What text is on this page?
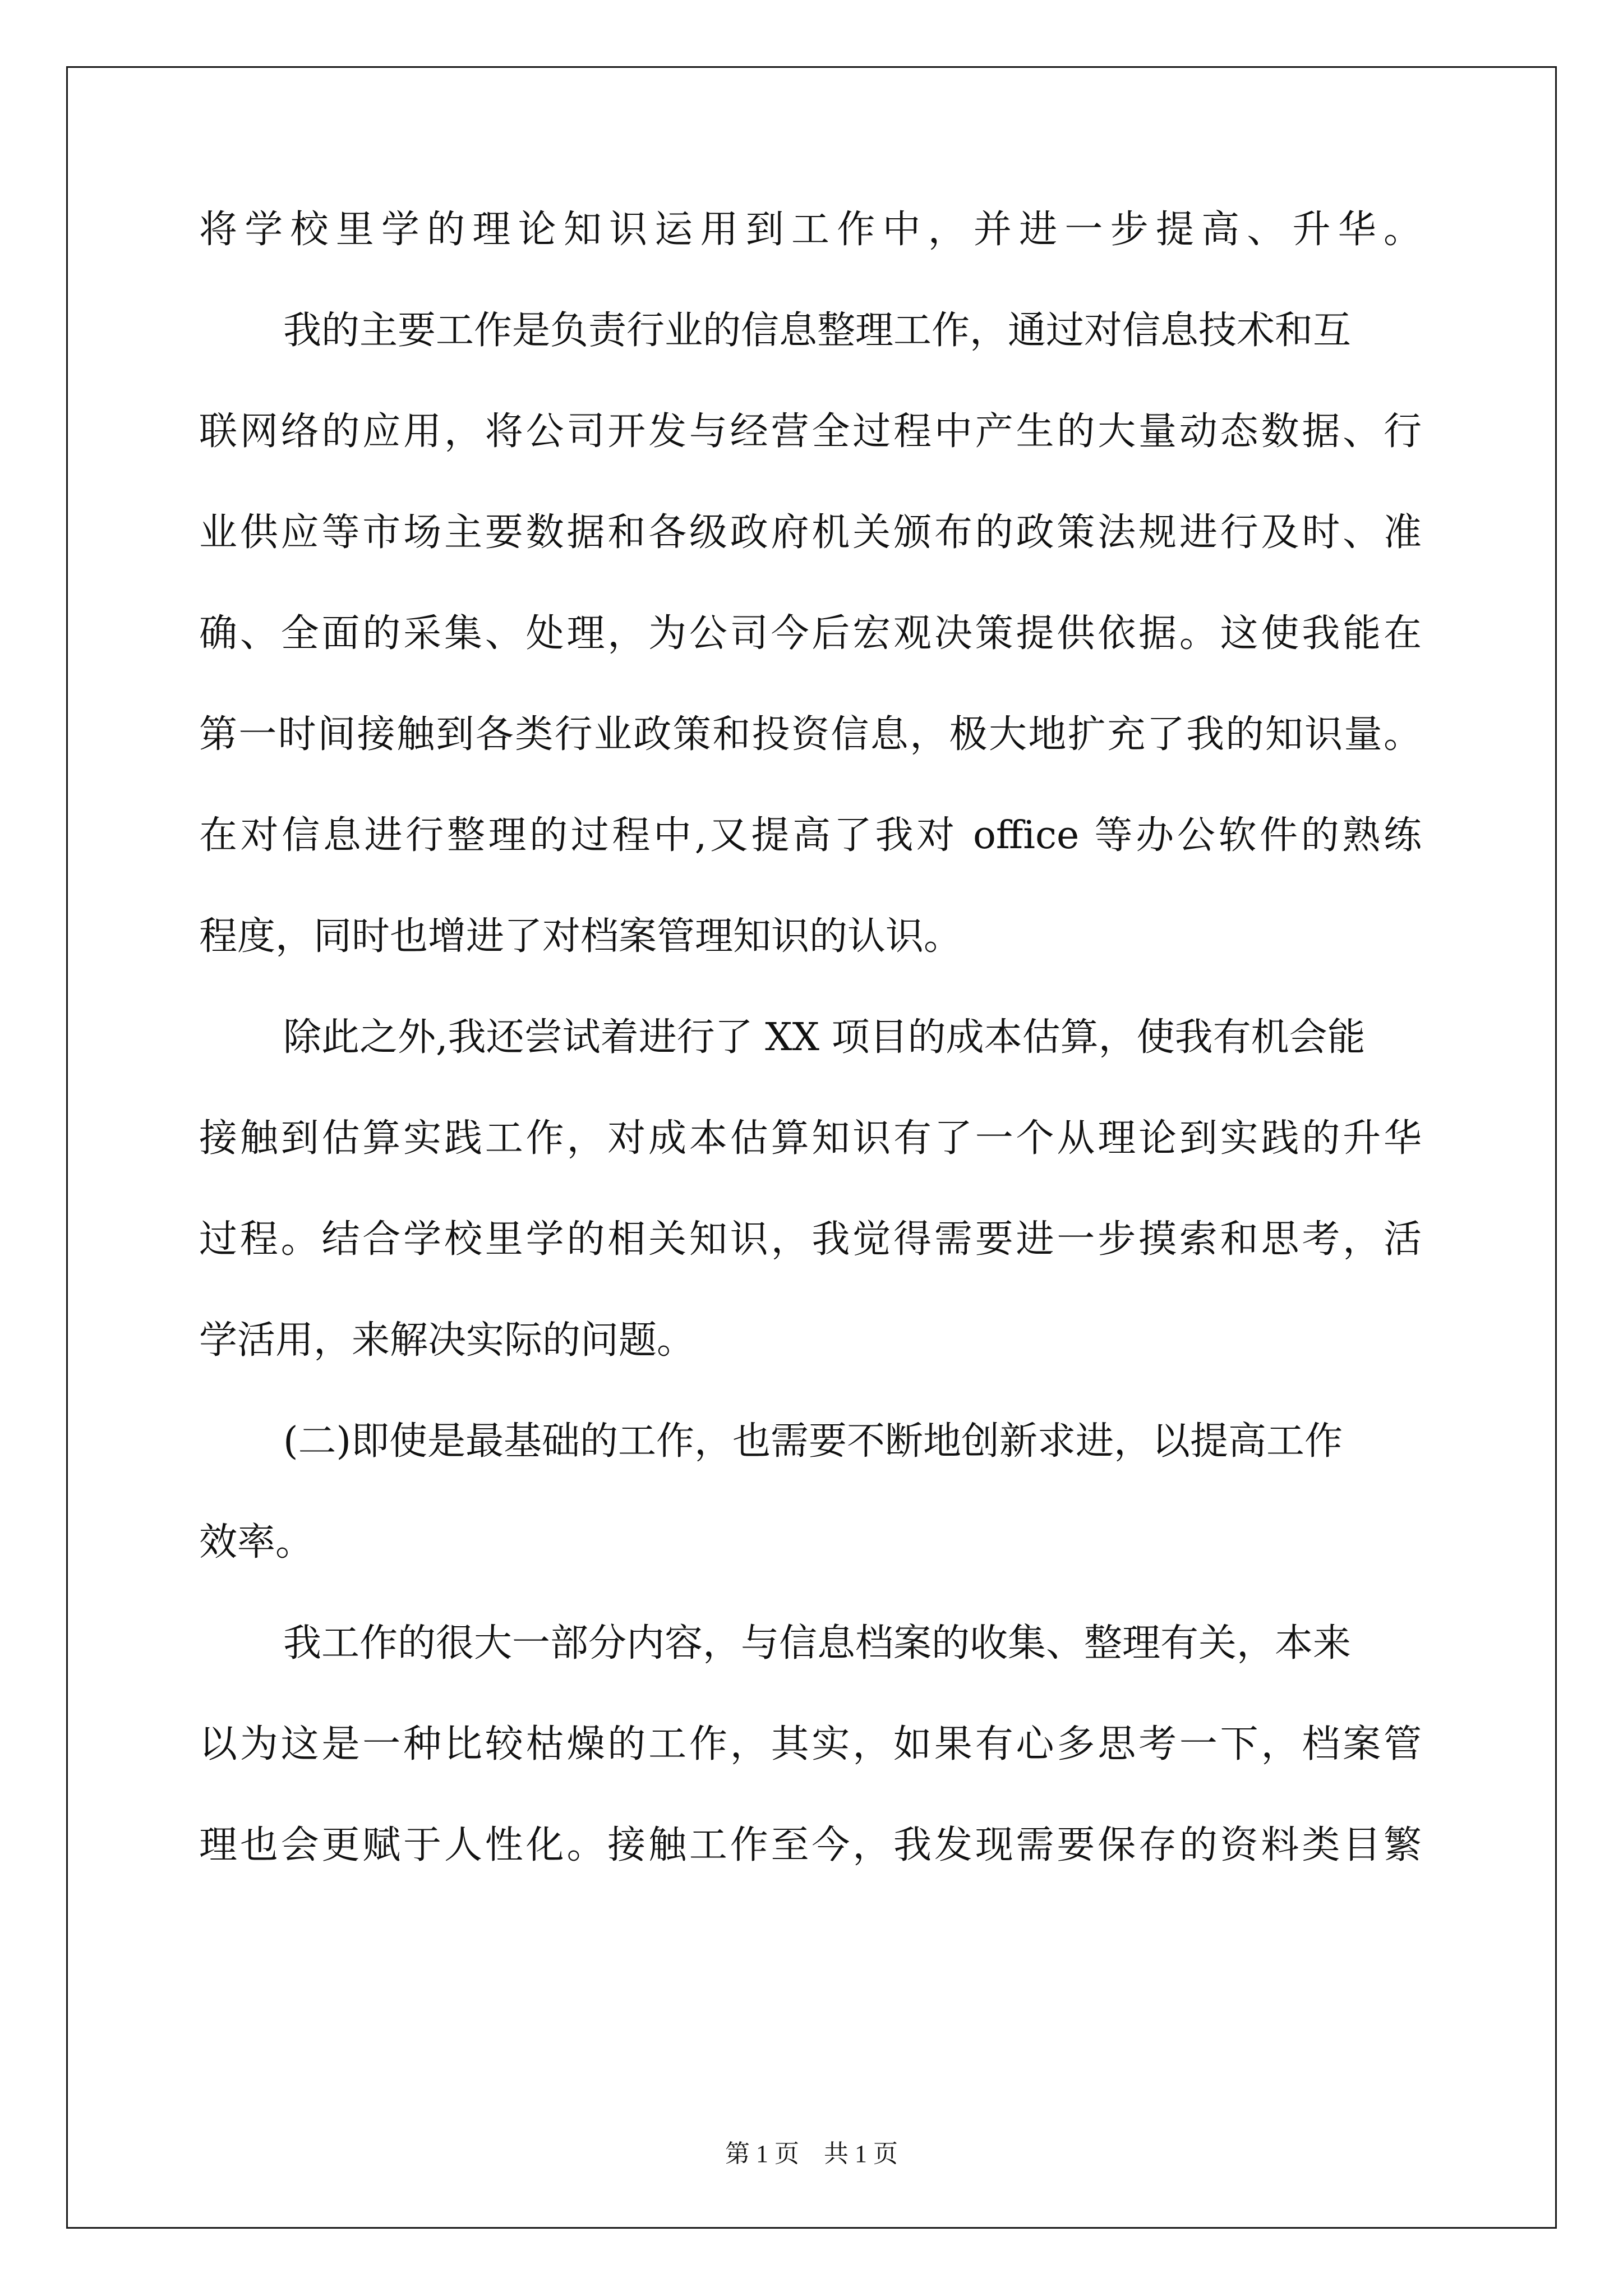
将学校里学的理论知识运用到工作中，并进一步提高、升华。
我的主要工作是负责行业的信息整理工作，通过对信息技术和互
联网络的应用，将公司开发与经营全过程中产生的大量动态数据、行
业供应等市场主要数据和各级政府机关颁布的政策法规进行及时、准
确、全面的采集、处理，为公司今后宏观决策提供依据。这使我能在
第一时间接触到各类行业政策和投资信息，极大地扩充了我的知识量。
在对信息进行整理的过程中,又提高了我对 office 等办公软件的熟练
程度，同时也增进了对档案管理知识的认识。
除此之外,我还尝试着进行了 XX 项目的成本估算，使我有机会能
接触到估算实践工作，对成本估算知识有了一个从理论到实践的升华
过程。结合学校里学的相关知识，我觉得需要进一步摸索和思考，活
学活用，来解决实际的问题。
(二)即使是最基础的工作，也需要不断地创新求进，以提高工作
效率。
我工作的很大一部分内容，与信息档案的收集、整理有关，本来
以为这是一种比较枯燥的工作，其实，如果有心多思考一下，档案管
理也会更赋于人性化。接触工作至今，我发现需要保存的资料类目繁
第 1 页    共 1 页
